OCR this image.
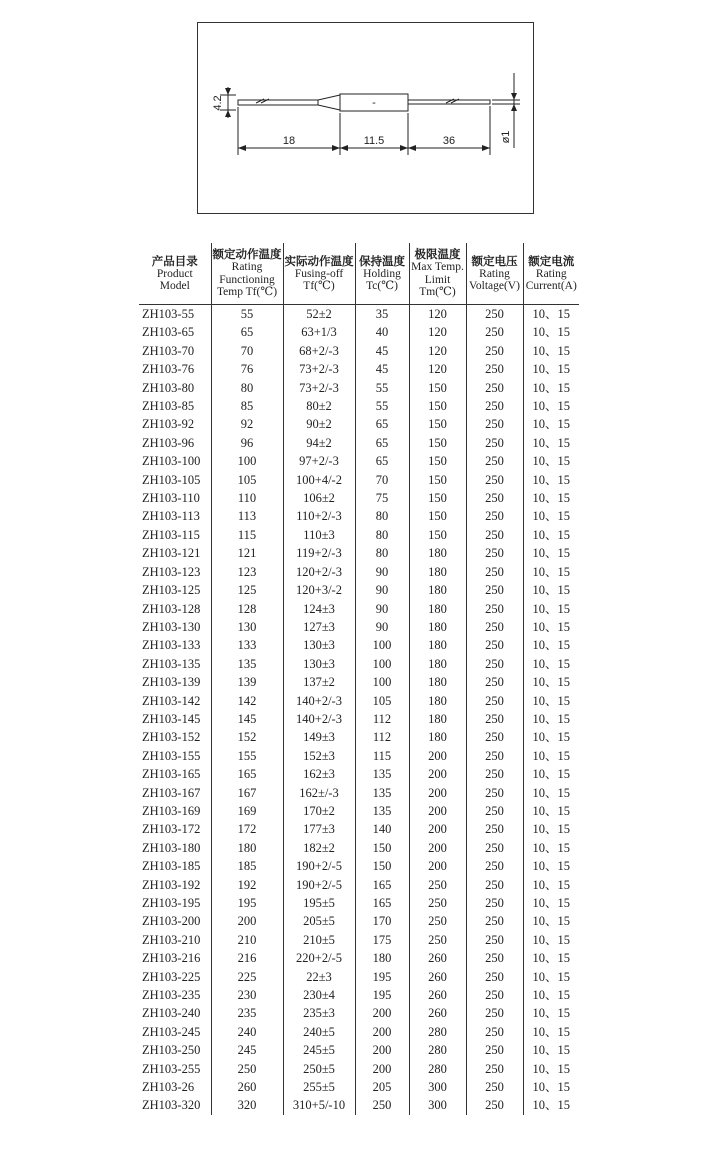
4.2
18	11.5	36	ø1
-
产品目录
Product
Model	额定动作温度
Rating
Functioning
Temp Tf(℃)	实际动作温度
Fusing-off
Tf(℃)	保持温度
Holding
Tc(℃)	极限温度
Max Temp.
Limit
Tm(℃)	额定电压
Rating
Voltage(V)	额定电流
Rating
Current(A)

ZH103-55	55	52±2	35	120	250	10、15
ZH103-65	65	63+1/3	40	120	250	10、15
ZH103-70	70	68+2/-3	45	120	250	10、15
ZH103-76	76	73+2/-3	45	120	250	10、15
ZH103-80	80	73+2/-3	55	150	250	10、15
ZH103-85	85	80±2	55	150	250	10、15
ZH103-92	92	90±2	65	150	250	10、15
ZH103-96	96	94±2	65	150	250	10、15
ZH103-100	100	97+2/-3	65	150	250	10、15
ZH103-105	105	100+4/-2	70	150	250	10、15
ZH103-110	110	106±2	75	150	250	10、15
ZH103-113	113	110+2/-3	80	150	250	10、15
ZH103-115	115	110±3	80	150	250	10、15
ZH103-121	121	119+2/-3	80	180	250	10、15
ZH103-123	123	120+2/-3	90	180	250	10、15
ZH103-125	125	120+3/-2	90	180	250	10、15
ZH103-128	128	124±3	90	180	250	10、15
ZH103-130	130	127±3	90	180	250	10、15
ZH103-133	133	130±3	100	180	250	10、15
ZH103-135	135	130±3	100	180	250	10、15
ZH103-139	139	137±2	100	180	250	10、15
ZH103-142	142	140+2/-3	105	180	250	10、15
ZH103-145	145	140+2/-3	112	180	250	10、15
ZH103-152	152	149±3	112	180	250	10、15
ZH103-155	155	152±3	115	200	250	10、15
ZH103-165	165	162±3	135	200	250	10、15
ZH103-167	167	162±/-3	135	200	250	10、15
ZH103-169	169	170±2	135	200	250	10、15
ZH103-172	172	177±3	140	200	250	10、15
ZH103-180	180	182±2	150	200	250	10、15
ZH103-185	185	190+2/-5	150	200	250	10、15
ZH103-192	192	190+2/-5	165	250	250	10、15
ZH103-195	195	195±5	165	250	250	10、15
ZH103-200	200	205±5	170	250	250	10、15
ZH103-210	210	210±5	175	250	250	10、15
ZH103-216	216	220+2/-5	180	260	250	10、15
ZH103-225	225	22±3	195	260	250	10、15
ZH103-235	230	230±4	195	260	250	10、15
ZH103-240	235	235±3	200	260	250	10、15
ZH103-245	240	240±5	200	280	250	10、15
ZH103-250	245	245±5	200	280	250	10、15
ZH103-255	250	250±5	200	280	250	10、15
ZH103-26	260	255±5	205	300	250	10、15
ZH103-320	320	310+5/-10	250	300	250	10、15
